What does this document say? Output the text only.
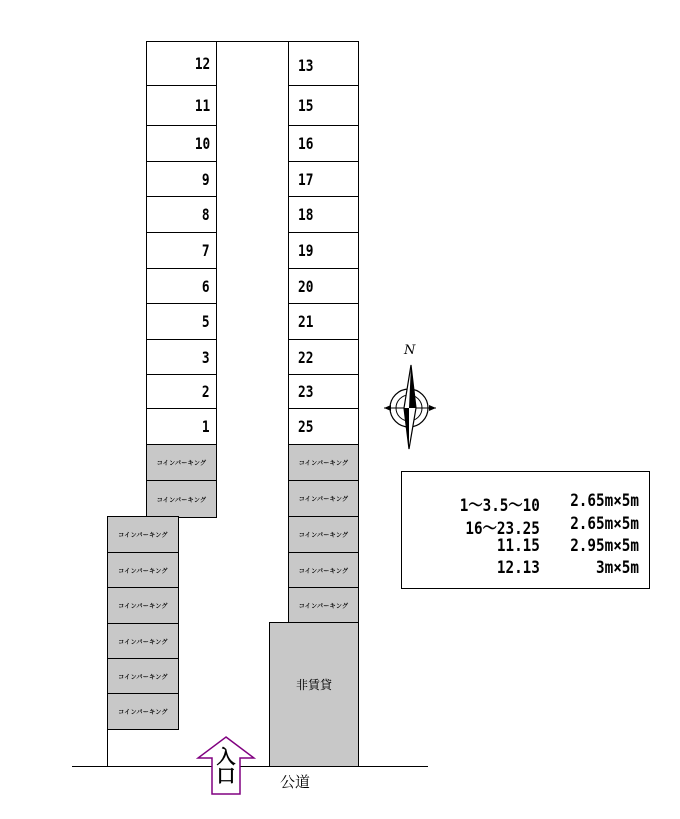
12
11
10
9
8
7
6
5
3
2
1
13
15
16
17
18
19
20
21
22
23
25
コインパーキング
コインパーキング
コインパーキング
コインパーキング
コインパーキング
コインパーキング
コインパーキング
コインパーキング
コインパーキング
コインパーキング
コインパーキング
コインパーキング
コインパーキング
非賃貸
入
口	公道
N
1～3.5～10	2.65m×5m
16～23.25	2.65m×5m
11.15	2.95m×5m
12.13	3m×5m
